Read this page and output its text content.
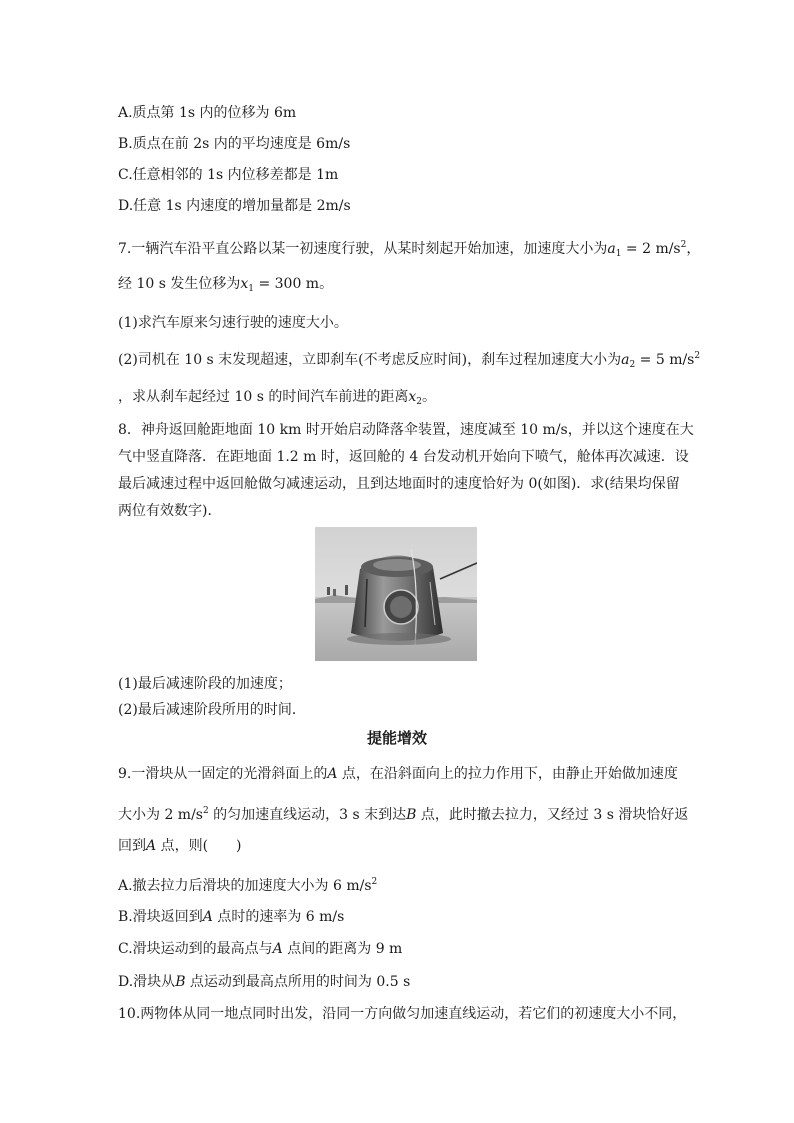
A.质点第 1s 内的位移为 6m
B.质点在前 2s 内的平均速度是 6m/s
C.任意相邻的 1s 内位移差都是 1m
D.任意 1s 内速度的增加量都是 2m/s
7.一辆汽车沿平直公路以某一初速度行驶，从某时刻起开始加速，加速度大小为$a_1 = 2$ $m/s^2$，
经 10 s 发生位移为$x_1 = 300$ m。
(1)求汽车原来匀速行驶的速度大小。
(2)司机在 10 s 末发现超速，立即刹车(不考虑反应时间)，刹车过程加速度大小为$a_2 = 5$ $m/s^2$
，求从刹车起经过 10 s 的时间汽车前进的距离$x_2$。
8．神舟返回舱距地面 10 km 时开始启动降落伞装置，速度减至 10 m/s，并以这个速度在大
气中竖直降落．在距地面 1.2 m 时，返回舱的 4 台发动机开始向下喷气，舱体再次减速．设
最后减速过程中返回舱做匀减速运动，且到达地面时的速度恰好为 0(如图)．求(结果均保留
两位有效数字)．
(1)最后减速阶段的加速度；
(2)最后减速阶段所用的时间．
提能增效
9.一滑块从一固定的光滑斜面上的A 点，在沿斜面向上的拉力作用下，由静止开始做加速度
大小为 2 $m/s^2$ 的匀加速直线运动，3 s 末到达B 点，此时撤去拉力，又经过 3 s 滑块恰好返
回到A 点，则(　　)
A.撤去拉力后滑块的加速度大小为 6 $m/s^2$
B.滑块返回到A 点时的速率为 6 m/s
C.滑块运动到的最高点与A 点间的距离为 9 m
D.滑块从B 点运动到最高点所用的时间为 0.5 s
10.两物体从同一地点同时出发，沿同一方向做匀加速直线运动，若它们的初速度大小不同，
